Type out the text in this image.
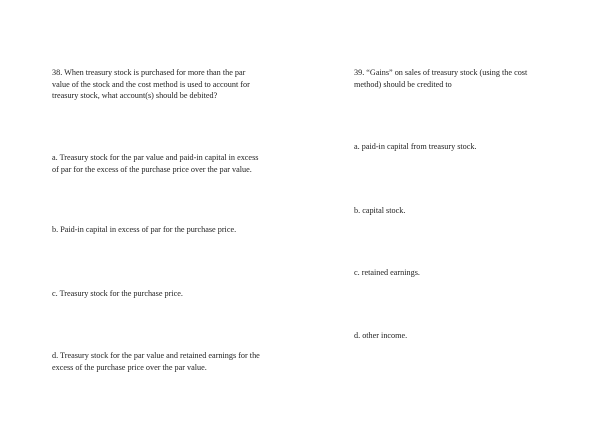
38. When treasury stock is purchased for more than the par
value of the stock and the cost method is used to account for
treasury stock, what account(s) should be debited?
a. Treasury stock for the par value and paid-in capital in excess
of par for the excess of the purchase price over the par value.
b. Paid-in capital in excess of par for the purchase price.
c. Treasury stock for the purchase price.
d. Treasury stock for the par value and retained earnings for the
excess of the purchase price over the par value.
39. “Gains” on sales of treasury stock (using the cost
method) should be credited to
a. paid-in capital from treasury stock.
b. capital stock.
c. retained earnings.
d. other income.
